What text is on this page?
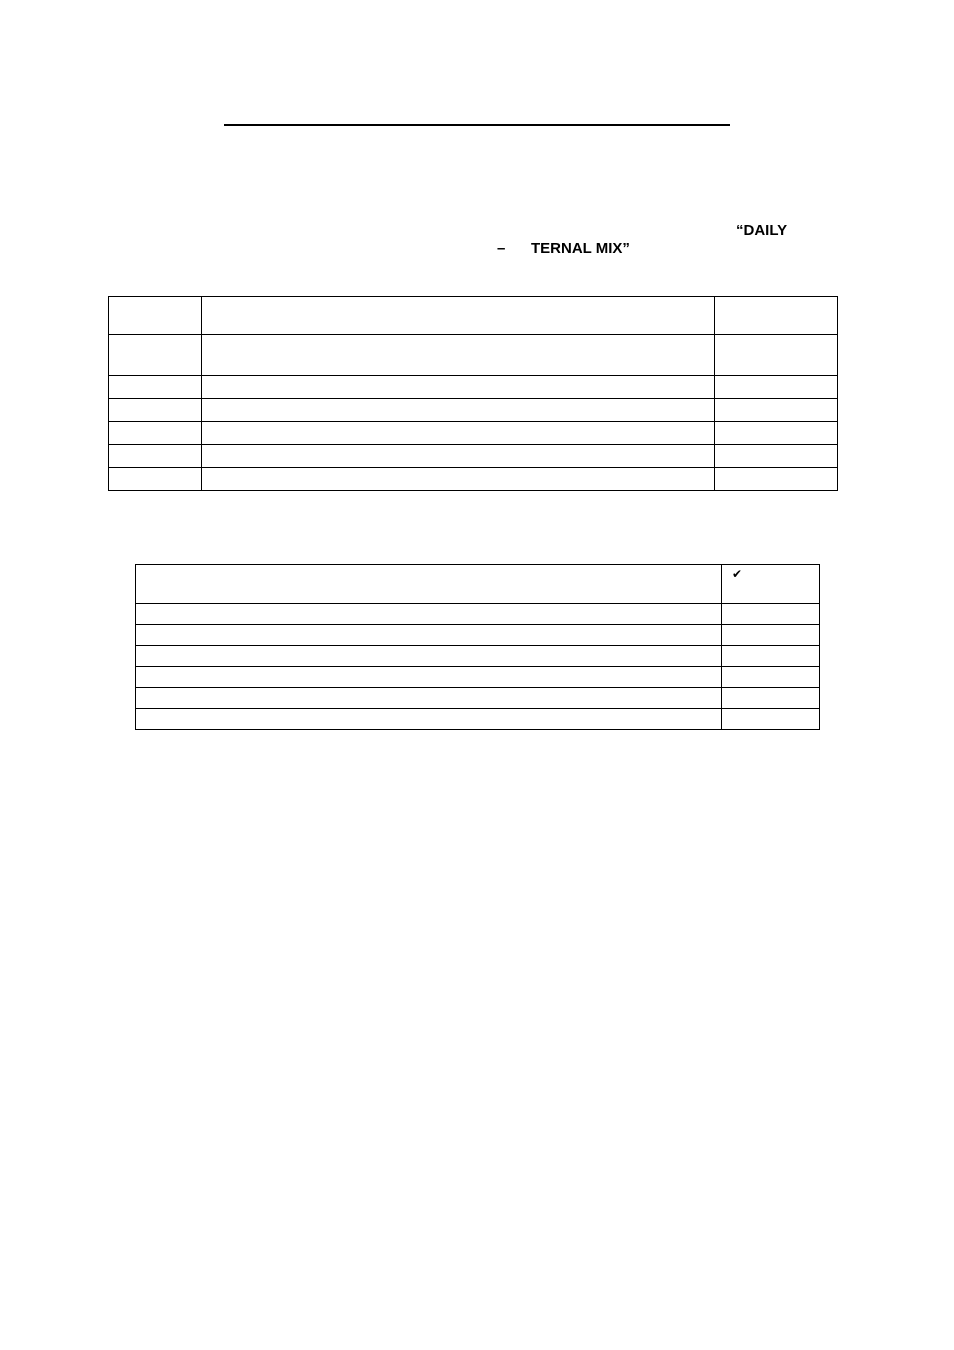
“DAILY
– TERNAL MIX”

	✔
